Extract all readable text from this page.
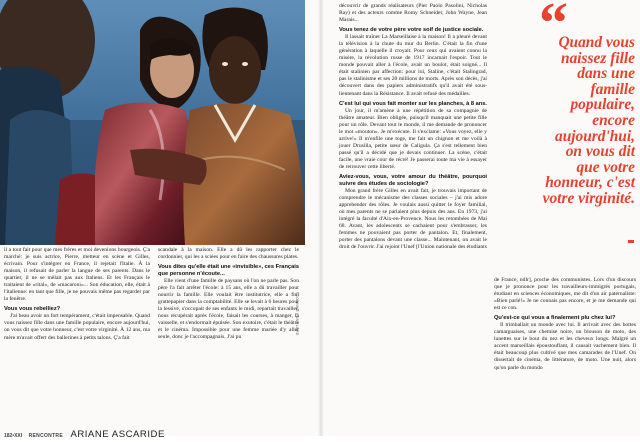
©JOANNE LANGLERE

il a tout fait pour que mes frères et moi devenions bourgeois. Ç'a marché: je suis actrice, Pierre, metteur en scène et Gilles, écrivain. Pour s'intégrer en France, il rejetait l'Italie. À la maison, il refusait de parler la langue de ses parents. Dans le quartier, il ne se mêlait pas aux Italiens. Et les Français le traitaient de «rital», de «macaroni»... Son éducation, elle, était à l'italienne: en tant que fille, je ne pouvais même pas regarder par la fenêtre.

Vous vous rebelliez?

J'ai beau avoir un fort tempérament, c'était impensable. Quand vous naissez fille dans une famille populaire, encore aujourd'hui, on vous dit que votre honneur, c'est votre virginité. À 12 ans, ma mère m'avait offert des ballerines à petits talons. Ç'a fait

scandale à la maison. Elle a dû les rapporter chez le cordonnier, qui les a sciées pour en faire des chaussures plates.

Vous dites qu'elle était une «invisible», ces Français que personne n'écoute...

Elle vient d'une famille de paysans où l'on ne parle pas. Son père l'a fait arrêter l'école: à 15 ans, elle a dû travailler pour nourrir la famille. Elle voulait être institutrice, elle a fini grattepapier dans la comptabilité. Elle se levait à 6 heures pour la lessive, s'occupait de ses enfants le midi, repartait travailler, nous récupérait après l'école, faisait les courses, à manger, la vaisselle, et s'endormait épuisée. Son exutoire, c'était le théâtre et le cinéma. Impossible pour une femme mariée d'y aller seule, donc je l'accompagnais. J'ai pu

découvrir de grands réalisateurs (Pier Paolo Pasolini, Nicholas Ray) et des acteurs comme Romy Schneider, John Wayne, Jean Marais...

Vous tenez de votre père votre soif de justice sociale.

Il lassait traîner La Marseillaise à la maison! Il a pleuré devant la télévision à la chute du mur du Berlin. C'était la fin d'une génération à laquelle il croyait. Pour ceux qui avaient connu la misère, la révolution russe de 1917 incarnait l'espoir. Tout le monde pouvait aller à l'école, avait un boulot, était soigné... Il était stalinien par affection: pour lui, Staline, c'était Stalingrad, pas le stalinisme et ses 20 millions de morts. Après son décès, j'ai découvert dans des papiers administratifs qu'il avait été sous-lieutenant dans la Résistance. Il avait refusé des médailles.

C'est lui qui vous fait monter sur les planches, à 8 ans.

Un jour, il m'amène à une répétition de sa compagnie de théâtre amateur. Bien obligée, puisqu'il manquait une petite fille pour un rôle. Devant tout le monde, il me demande de prononcer le mot «mouton». Je m'exécute. Il s'exclame: «Vous voyez, elle y arrive!» Il m'enfile une toge, me fait un chignon et me voilà à jouer Drusilla, petite sœur de Caligula. Ça s'est tellement bien passé qu'il a décidé que je devais continuer. La scène, c'était facile, une vraie cour de récré! Je passerai toute ma vie à essayer de retrouver cette liberté.

Aviez-vous, vous, votre amour du théâtre, pourquoi suivre des études de sociologie?

Mon grand frère Gilles en avait fait, je trouvais important de comprendre le mécanisme des classes sociales – j'ai mis adore apprehender des rôles. Je voulais aussi quitter le foyer familial, où mes parents ne se parlaient plus depuis des ans. En 1973, j'ai intégré la faculté d'Aix-en-Provence. Nous les retombées de Mai 68. Avant, les adolescents se cachaient pour s'embrasser, les femmes ne pouvaient pas porter de pantalon. Et, finalement, porter des pantalons devant une classe... Maintenant, on avait le droit de l'ouvrir. J'ai rejoint l'Unef [l'Union nationale des étudiants

“
Quand vous naissez fille dans une famille populaire, encore aujourd'hui, on vous dit que votre honneur, c'est votre virginité.

de France, ndlr], proche des communistes. Lors d'un discours que je prononce pour les travailleurs-immigrés portugais, étudiant en sciences économiques, me dit d'un air paternaliste: «Bien parlé!» Je ne connais pas encore, et je me demande qui est ce con.

Qu'est-ce qui vous a finalement plu chez lui?

Il trimballait un monde avec lui. Il arrivait avec des bottes camarguaises, une chemise noire, un blouson de moto, des lunettes sur le bout du nez et les cheveux longs. Malgré un accent marseillais époustouflant, il causait vachement bien. Il était beaucoup plus cultivé que mes camarades de l'Unef. On dissertait de cinéma, de littérature, de moto. Une nuit, alors qu'on parle du mondo

182•XXI RENCONTRE ARIANE ASCARIDE
